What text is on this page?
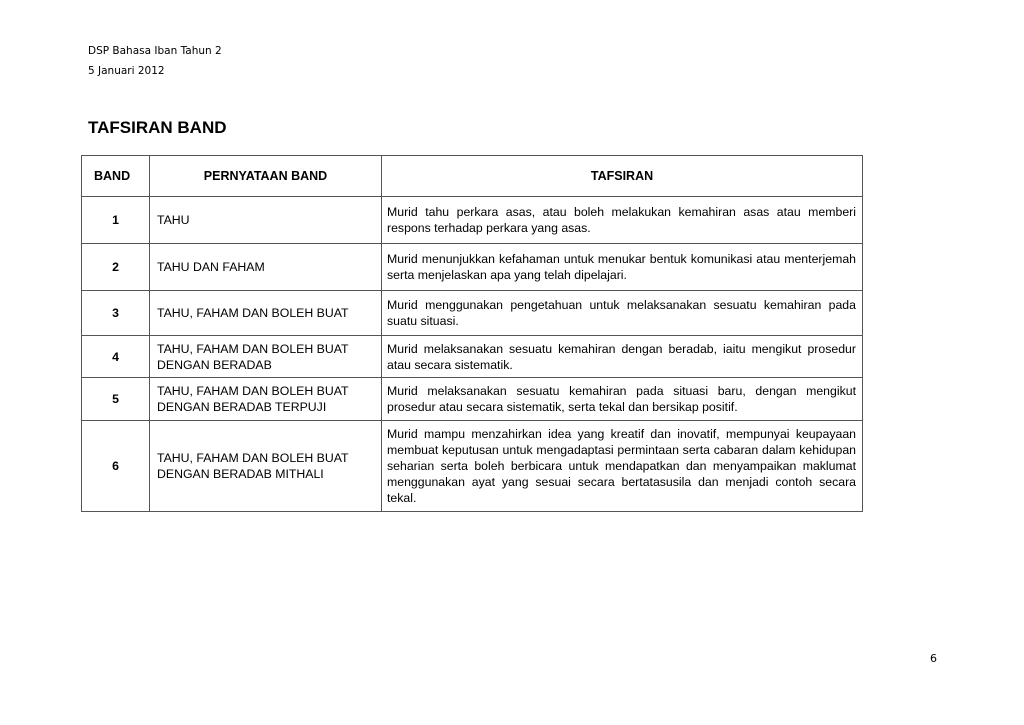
DSP Bahasa Iban Tahun 2
5 Januari 2012
TAFSIRAN BAND
BAND	PERNYATAAN BAND	TAFSIRAN
1	TAHU	Murid tahu perkara asas, atau boleh melakukan kemahiran asas atau memberi respons terhadap perkara yang asas.
2	TAHU DAN FAHAM	Murid menunjukkan kefahaman untuk menukar bentuk komunikasi atau menterjemah serta menjelaskan apa yang telah dipelajari.
3	TAHU, FAHAM DAN BOLEH BUAT	Murid menggunakan pengetahuan untuk melaksanakan sesuatu kemahiran pada suatu situasi.
4	TAHU, FAHAM DAN BOLEH BUAT DENGAN BERADAB	Murid melaksanakan sesuatu kemahiran dengan beradab, iaitu mengikut prosedur atau secara sistematik.
5	TAHU, FAHAM DAN BOLEH BUAT DENGAN BERADAB TERPUJI	Murid melaksanakan sesuatu kemahiran pada situasi baru, dengan mengikut prosedur atau secara sistematik, serta tekal dan bersikap positif.
6	TAHU, FAHAM DAN BOLEH BUAT DENGAN BERADAB MITHALI	Murid mampu menzahirkan idea yang kreatif dan inovatif, mempunyai keupayaan membuat keputusan untuk mengadaptasi permintaan serta cabaran dalam kehidupan seharian serta boleh berbicara untuk mendapatkan dan menyampaikan maklumat menggunakan ayat yang sesuai secara bertatasusila dan menjadi contoh secara tekal.
6
